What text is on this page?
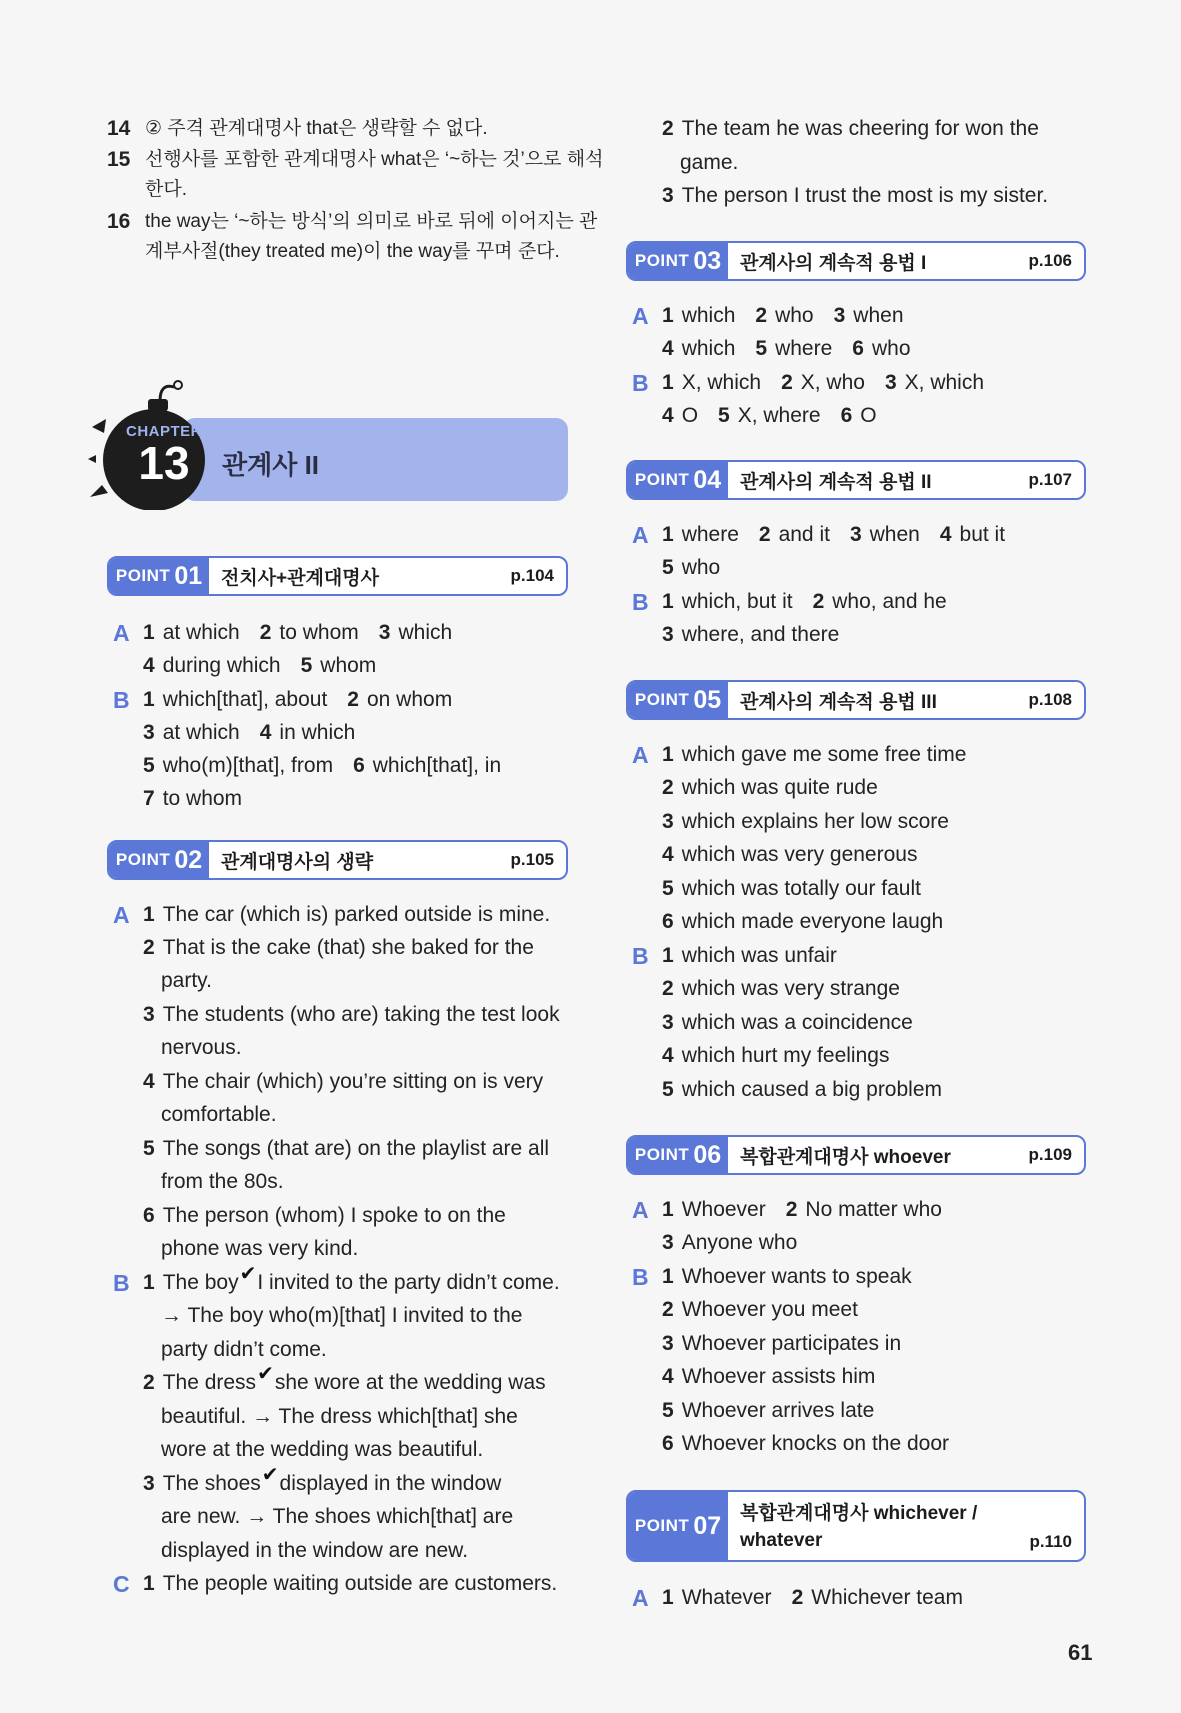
14 ② 주격 관계대명사 that은 생략할 수 없다.
15 선행사를 포함한 관계대명사 what은 ‘~하는 것’으로 해석
한다.
16 the way는 ‘~하는 방식’의 의미로 바로 뒤에 이어지는 관
계부사절(they treated me)이 the way를 꾸며 준다.
CHAPTER
13	관계사 II
POINT 01 전치사+관계대명사	p.104
A 1 at which 2 to whom 3 which
4 during which 5 whom
B 1 which[that], about 2 on whom
3 at which 4 in which
5 who(m)[that], from 6 which[that], in
7 to whom
POINT 02 관계대명사의 생략	p.105
A 1 The car (which is) parked outside is mine.
2 That is the cake (that) she baked for the
party.
3 The students (who are) taking the test look
nervous.
4 The chair (which) you’re sitting on is very
comfortable.
5 The songs (that are) on the playlist are all
from the 80s.
6 The person (whom) I spoke to on the
phone was very kind.
B 1 The boy✔I invited to the party didn’t come.
→ The boy who(m)[that] I invited to the
party didn’t come.
2 The dress✔she wore at the wedding was
beautiful. → The dress which[that] she
wore at the wedding was beautiful.
3 The shoes✔displayed in the window
are new. → The shoes which[that] are
displayed in the window are new.
C 1 The people waiting outside are customers.
2 The team he was cheering for won the
game.
3 The person I trust the most is my sister.
POINT 03 관계사의 계속적 용법 I	p.106
A 1 which 2 who 3 when
4 which 5 where 6 who
B 1 X, which 2 X, who 3 X, which
4 O 5 X, where 6 O
POINT 04 관계사의 계속적 용법 II	p.107
A 1 where 2 and it 3 when 4 but it
5 who
B 1 which, but it 2 who, and he
3 where, and there
POINT 05 관계사의 계속적 용법 III	p.108
A 1 which gave me some free time
2 which was quite rude
3 which explains her low score
4 which was very generous
5 which was totally our fault
6 which made everyone laugh
B 1 which was unfair
2 which was very strange
3 which was a coincidence
4 which hurt my feelings
5 which caused a big problem
POINT 06 복합관계대명사 whoever	p.109
A 1 Whoever 2 No matter who
3 Anyone who
B 1 Whoever wants to speak
2 Whoever you meet
3 Whoever participates in
4 Whoever assists him
5 Whoever arrives late
6 Whoever knocks on the door
POINT 07 복합관계대명사 whichever /
whatever	p.110
A 1 Whatever 2 Whichever team
61
